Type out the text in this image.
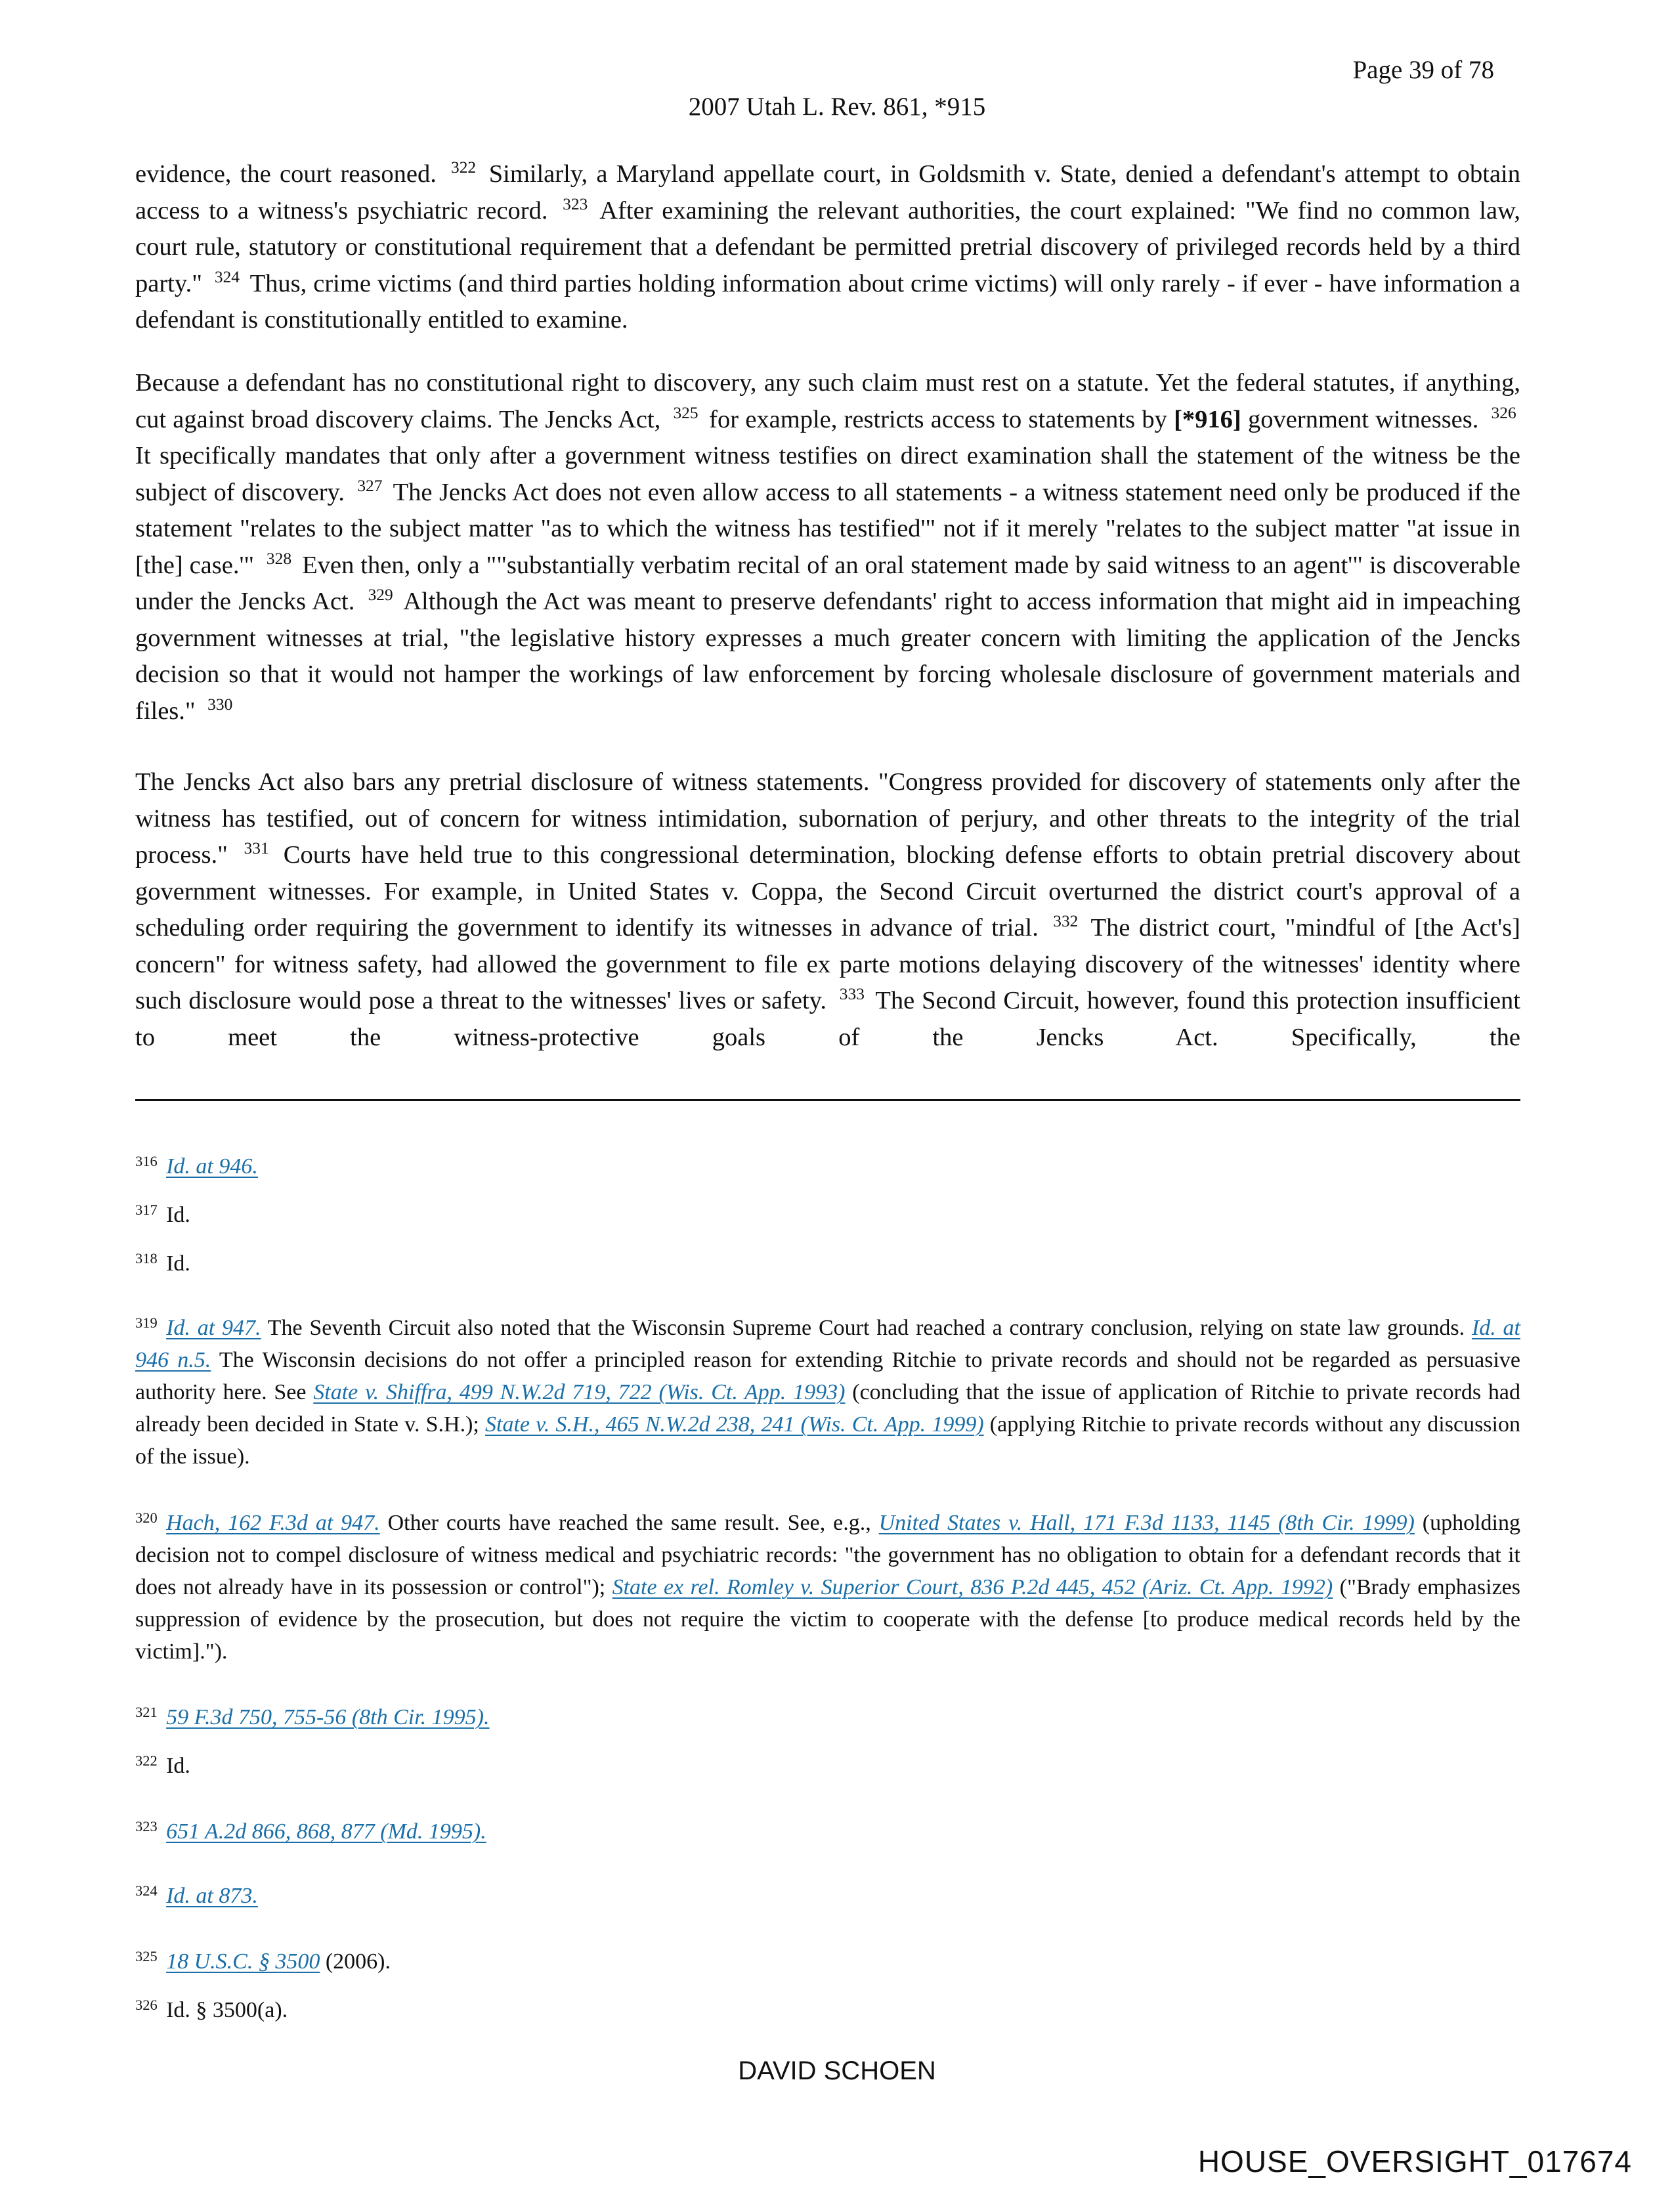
Page 39 of 78
2007 Utah L. Rev. 861, *915
evidence, the court reasoned. $^{322}$ Similarly, a Maryland appellate court, in Goldsmith v. State, denied a defendant's attempt to obtain access to a witness's psychiatric record. $^{323}$ After examining the relevant authorities, the court explained: "We find no common law, court rule, statutory or constitutional requirement that a defendant be permitted pretrial discovery of privileged records held by a third party." $^{324}$ Thus, crime victims (and third parties holding information about crime victims) will only rarely - if ever - have information a defendant is constitutionally entitled to examine.
Because a defendant has no constitutional right to discovery, any such claim must rest on a statute. Yet the federal statutes, if anything, cut against broad discovery claims. The Jencks Act, $^{325}$ for example, restricts access to statements by [*916] government witnesses. $^{326}$ It specifically mandates that only after a government witness testifies on direct examination shall the statement of the witness be the subject of discovery. $^{327}$ The Jencks Act does not even allow access to all statements - a witness statement need only be produced if the statement "relates to the subject matter "as to which the witness has testified'" not if it merely "relates to the subject matter "at issue in [the] case.'" $^{328}$ Even then, only a ""substantially verbatim recital of an oral statement made by said witness to an agent'" is discoverable under the Jencks Act. $^{329}$ Although the Act was meant to preserve defendants' right to access information that might aid in impeaching government witnesses at trial, "the legislative history expresses a much greater concern with limiting the application of the Jencks decision so that it would not hamper the workings of law enforcement by forcing wholesale disclosure of government materials and files." $^{330}$
The Jencks Act also bars any pretrial disclosure of witness statements. "Congress provided for discovery of statements only after the witness has testified, out of concern for witness intimidation, subornation of perjury, and other threats to the integrity of the trial process." $^{331}$ Courts have held true to this congressional determination, blocking defense efforts to obtain pretrial discovery about government witnesses. For example, in United States v. Coppa, the Second Circuit overturned the district court's approval of a scheduling order requiring the government to identify its witnesses in advance of trial. $^{332}$ The district court, "mindful of [the Act's] concern" for witness safety, had allowed the government to file ex parte motions delaying discovery of the witnesses' identity where such disclosure would pose a threat to the witnesses' lives or safety. $^{333}$ The Second Circuit, however, found this protection insufficient to meet the witness-protective goals of the Jencks Act. Specifically, the
$^{316}$ Id. at 946.
$^{317}$ Id.
$^{318}$ Id.
$^{319}$ Id. at 947. The Seventh Circuit also noted that the Wisconsin Supreme Court had reached a contrary conclusion, relying on state law grounds. Id. at 946 n.5. The Wisconsin decisions do not offer a principled reason for extending Ritchie to private records and should not be regarded as persuasive authority here. See State v. Shiffra, 499 N.W.2d 719, 722 (Wis. Ct. App. 1993) (concluding that the issue of application of Ritchie to private records had already been decided in State v. S.H.); State v. S.H., 465 N.W.2d 238, 241 (Wis. Ct. App. 1999) (applying Ritchie to private records without any discussion of the issue).
$^{320}$ Hach, 162 F.3d at 947. Other courts have reached the same result. See, e.g., United States v. Hall, 171 F.3d 1133, 1145 (8th Cir. 1999) (upholding decision not to compel disclosure of witness medical and psychiatric records: "the government has no obligation to obtain for a defendant records that it does not already have in its possession or control"); State ex rel. Romley v. Superior Court, 836 P.2d 445, 452 (Ariz. Ct. App. 1992) ("Brady emphasizes suppression of evidence by the prosecution, but does not require the victim to cooperate with the defense [to produce medical records held by the victim].").
$^{321}$ 59 F.3d 750, 755-56 (8th Cir. 1995).
$^{322}$ Id.
$^{323}$ 651 A.2d 866, 868, 877 (Md. 1995).
$^{324}$ Id. at 873.
$^{325}$ 18 U.S.C. § 3500 (2006).
$^{326}$ Id. § 3500(a).
DAVID SCHOEN
HOUSE_OVERSIGHT_017674
